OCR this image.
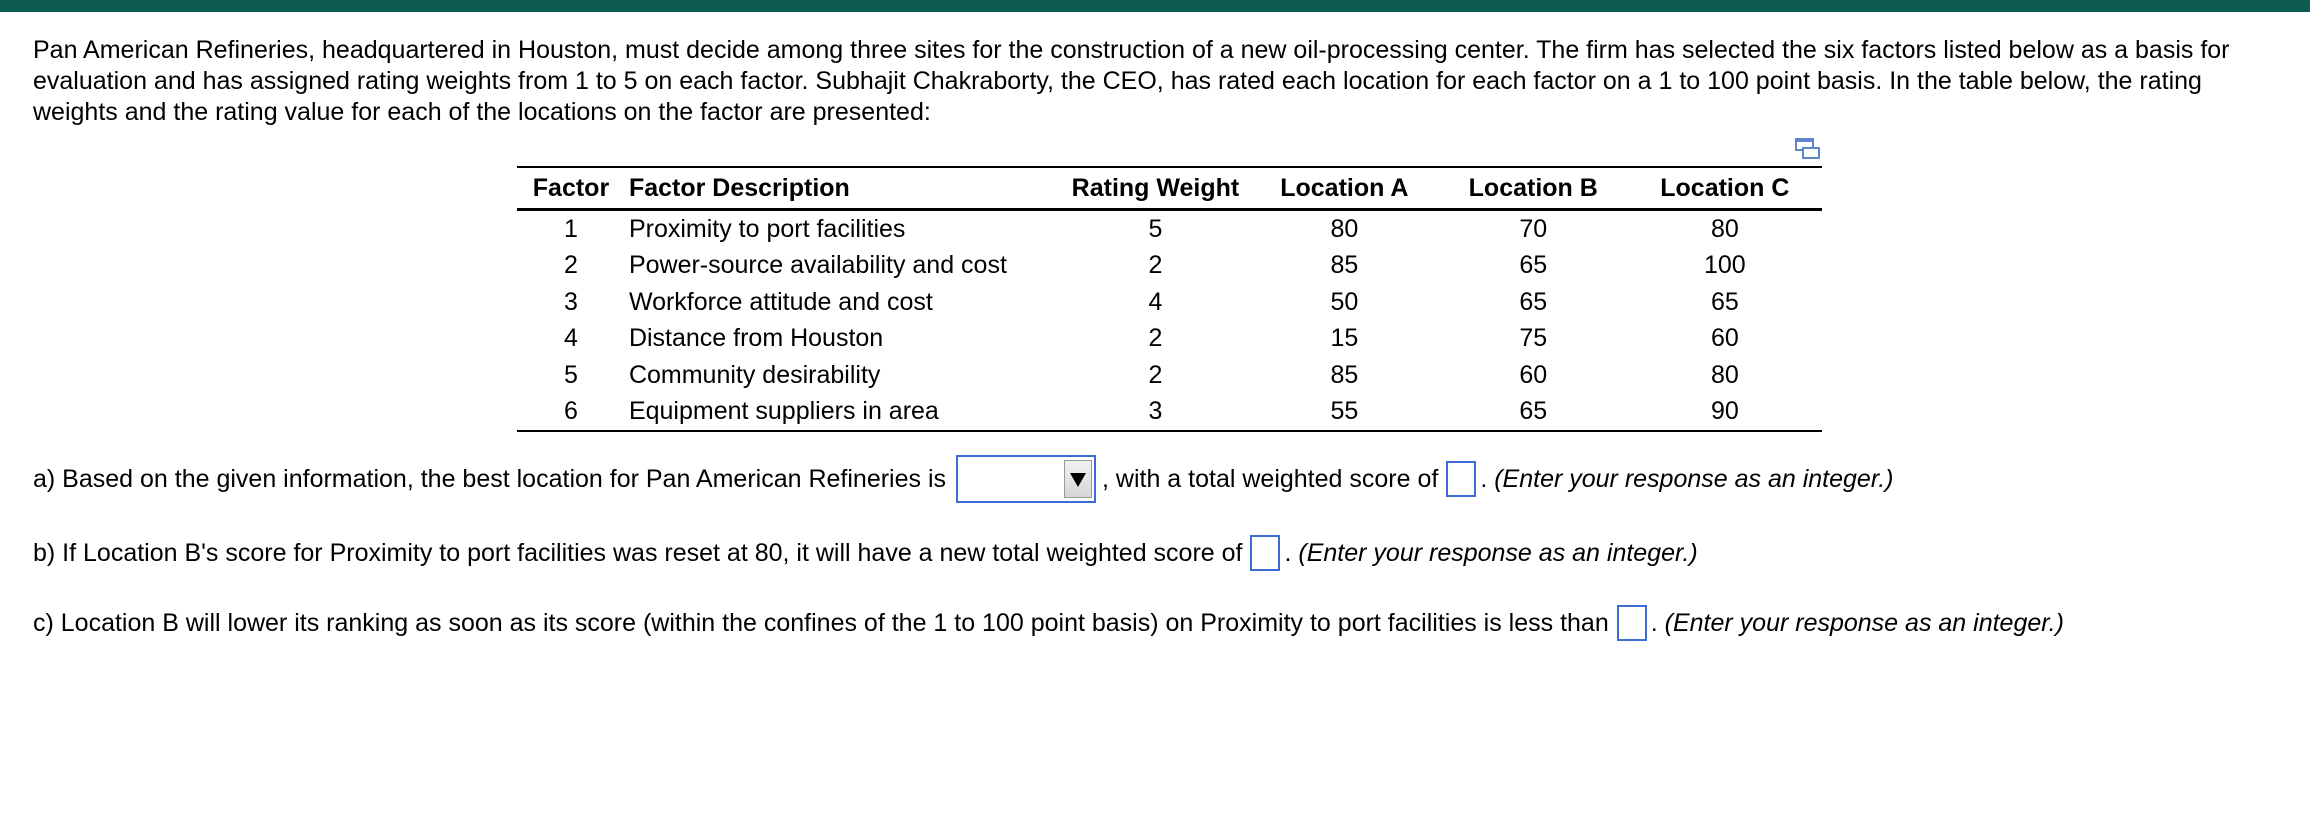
Pan American Refineries, headquartered in Houston, must decide among three sites for the construction of a new oil-processing center. The firm has selected the six factors listed below as a basis for evaluation and has assigned rating weights from 1 to 5 on each factor. Subhajit Chakraborty, the CEO, has rated each location for each factor on a 1 to 100 point basis. In the table below, the rating weights and the rating value for each of the locations on the factor are presented:
Factor	Factor Description	Rating Weight	Location A	Location B	Location C
1	Proximity to port facilities	5	80	70	80
2	Power-source availability and cost	2	85	65	100
3	Workforce attitude and cost	4	50	65	65
4	Distance from Houston	2	15	75	60
5	Community desirability	2	85	60	80
6	Equipment suppliers in area	3	55	65	90
a) Based on the given information, the best location for Pan American Refineries is	, with a total weighted score of .
(Enter your response as an integer.)
b) If Location B's score for Proximity to port facilities was reset at 80, it will have a new total weighted score of .
(Enter your response as an integer.)
c) Location B will lower its ranking as soon as its score (within the confines of the 1 to 100 point basis) on Proximity to port facilities is less than .
(Enter your response as an integer.)
